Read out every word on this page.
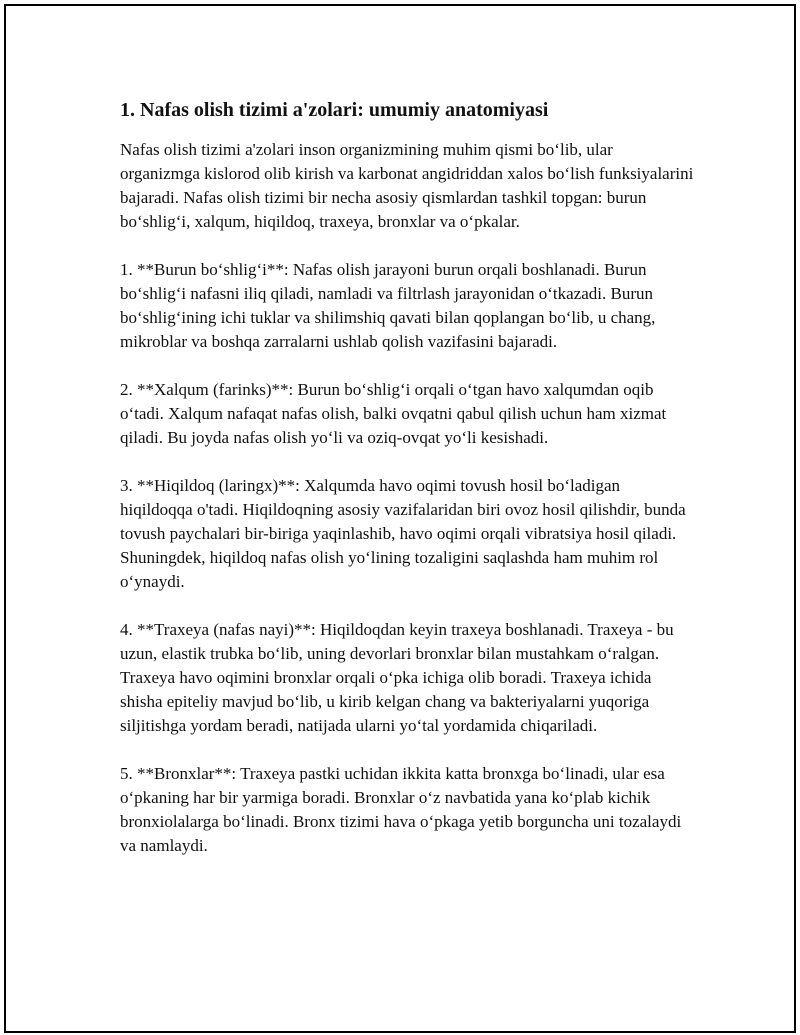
1. Nafas olish tizimi a'zolari: umumiy anatomiyasi

Nafas olish tizimi a'zolari inson organizmining muhim qismi bo‘lib, ular organizmga kislorod olib kirish va karbonat angidriddan xalos bo‘lish funksiyalarini bajaradi. Nafas olish tizimi bir necha asosiy qismlardan tashkil topgan: burun bo‘shlig‘i, xalqum, hiqildoq, traxeya, bronxlar va o‘pkalar.

1. **Burun bo‘shlig‘i**: Nafas olish jarayoni burun orqali boshlanadi. Burun bo‘shlig‘i nafasni iliq qiladi, namladi va filtrlash jarayonidan o‘tkazadi. Burun bo‘shlig‘ining ichi tuklar va shilimshiq qavati bilan qoplangan bo‘lib, u chang, mikroblar va boshqa zarralarni ushlab qolish vazifasini bajaradi.

2. **Xalqum (farinks)**: Burun bo‘shlig‘i orqali o‘tgan havo xalqumdan oqib o‘tadi. Xalqum nafaqat nafas olish, balki ovqatni qabul qilish uchun ham xizmat qiladi. Bu joyda nafas olish yo‘li va oziq-ovqat yo‘li kesishadi.

3. **Hiqildoq (laringx)**: Xalqumda havo oqimi tovush hosil bo‘ladigan hiqildoqqa o'tadi. Hiqildoqning asosiy vazifalaridan biri ovoz hosil qilishdir, bunda tovush paychalari bir-biriga yaqinlashib, havo oqimi orqali vibratsiya hosil qiladi. Shuningdek, hiqildoq nafas olish yo‘lining tozaligini saqlashda ham muhim rol o‘ynaydi.

4. **Traxeya (nafas nayi)**: Hiqildoqdan keyin traxeya boshlanadi. Traxeya - bu uzun, elastik trubka bo‘lib, uning devorlari bronxlar bilan mustahkam o‘ralgan. Traxeya havo oqimini bronxlar orqali o‘pka ichiga olib boradi. Traxeya ichida shisha epiteliy mavjud bo‘lib, u kirib kelgan chang va bakteriyalarni yuqoriga siljitishga yordam beradi, natijada ularni yo‘tal yordamida chiqariladi.

5. **Bronxlar**: Traxeya pastki uchidan ikkita katta bronxga bo‘linadi, ular esa o‘pkaning har bir yarmiga boradi. Bronxlar o‘z navbatida yana ko‘plab kichik bronxiolalarga bo‘linadi. Bronx tizimi hava o‘pkaga yetib borguncha uni tozalaydi va namlaydi.
